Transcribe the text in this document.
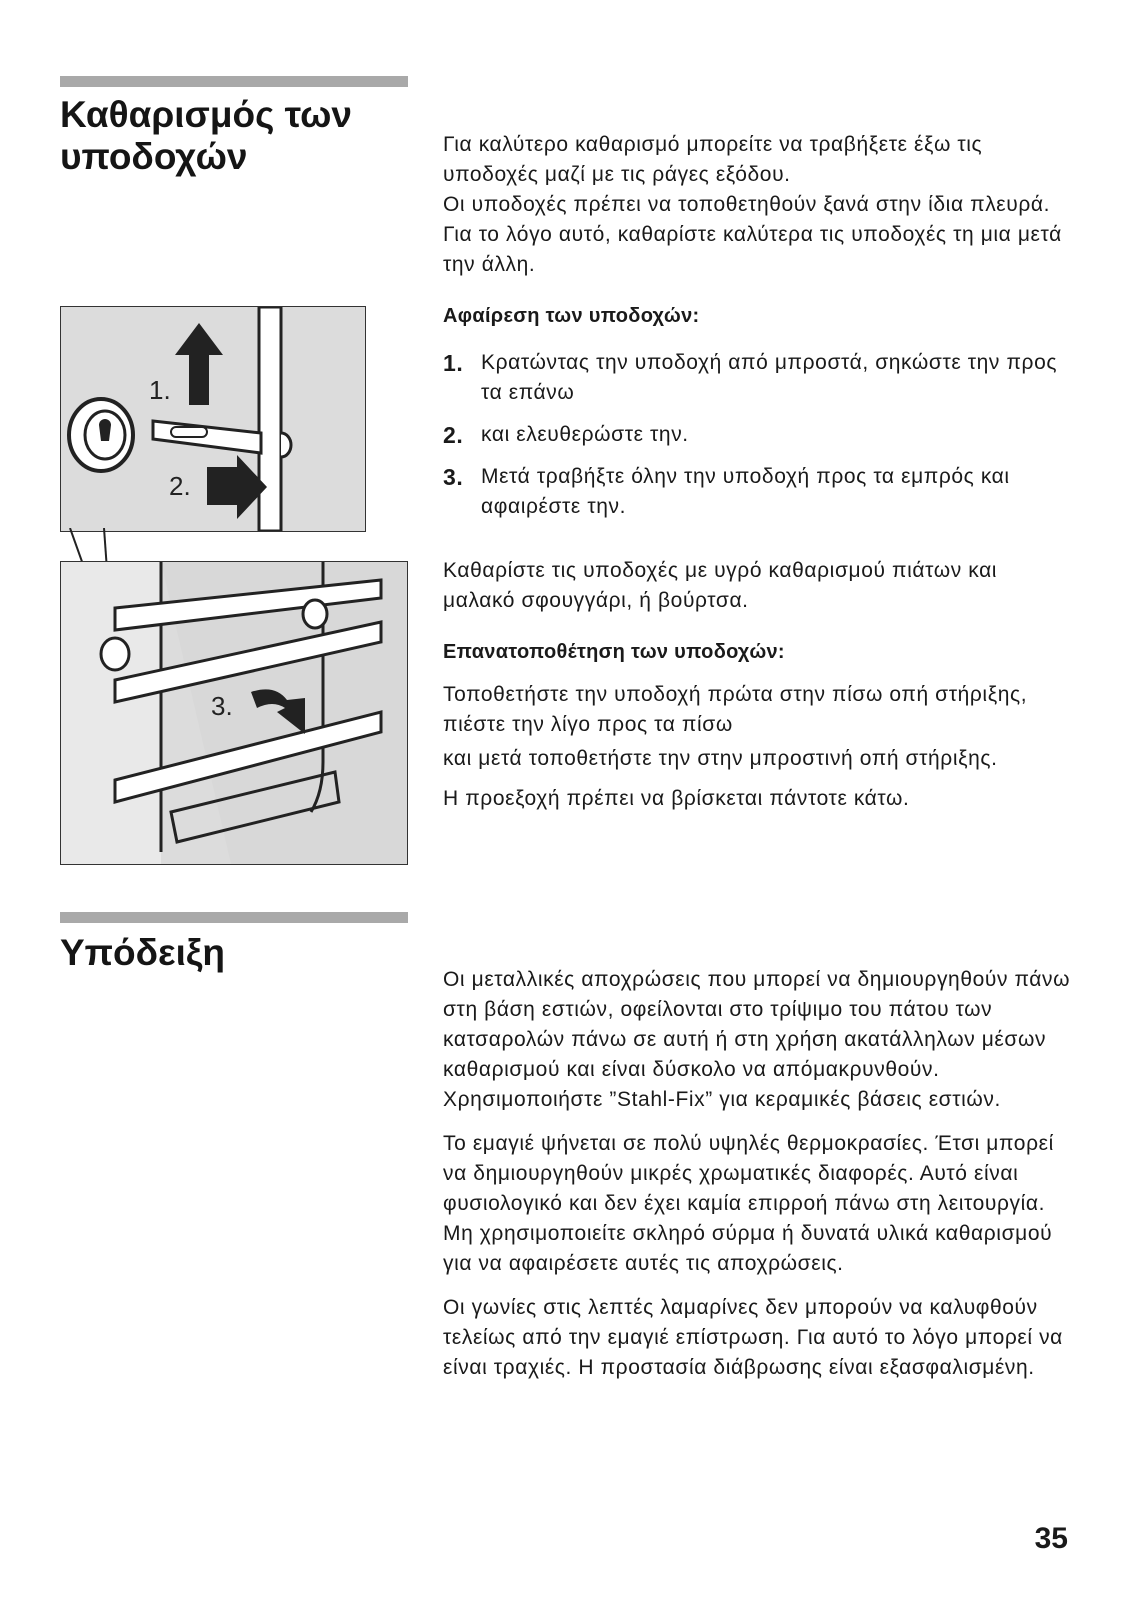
Καθαρισμός των
υποδοχών	Για καλύτερο καθαρισμό μπορείτε να τραβήξετε έξω τις υποδοχές μαζί με τις ράγες εξόδου.

Οι υποδοχές πρέπει να τοποθετηθούν ξανά στην ίδια πλευρά. Για το λόγο αυτό, καθαρίστε καλύτερα τις υποδοχές τη μια μετά την άλλη.

Αφαίρεση των υποδοχών:

1. Κρατώντας την υποδοχή από μπροστά, σηκώστε την προς τα επάνω
2. και ελευθερώστε την.
3. Μετά τραβήξτε όλην την υποδοχή προς τα εμπρός και αφαιρέστε την.

Καθαρίστε τις υποδοχές με υγρό καθαρισμού πιάτων και μαλακό σφουγγάρι, ή βούρτσα.

Επανατοποθέτηση των υποδοχών:

Τοποθετήστε την υποδοχή πρώτα στην πίσω οπή στήριξης, πιέστε την λίγο προς τα πίσω

και μετά τοποθετήστε την στην μπροστινή οπή στήριξης.

Η προεξοχή πρέπει να βρίσκεται πάντοτε κάτω.

1.
2.
3.
Υπόδειξη

Οι μεταλλικές αποχρώσεις που μπορεί να δημιουργηθούν πάνω στη βάση εστιών, οφείλονται στο τρίψιμο του πάτου των κατσαρολών πάνω σε αυτή ή στη χρήση ακατάλληλων μέσων καθαρισμού και είναι δύσκολο να απόμακρυνθούν. Χρησιμοποιήστε ”Stahl-Fix” για κεραμικές βάσεις εστιών.

Το εμαγιέ ψήνεται σε πολύ υψηλές θερμοκρασίες. Έτσι μπορεί να δημιουργηθούν μικρές χρωματικές διαφορές. Αυτό είναι φυσιολογικό και δεν έχει καμία επιρροή πάνω στη λειτουργία. Μη χρησιμοποιείτε σκληρό σύρμα ή δυνατά υλικά καθαρισμού για να αφαιρέσετε αυτές τις αποχρώσεις.

Οι γωνίες στις λεπτές λαμαρίνες δεν μπορούν να καλυφθούν τελείως από την εμαγιέ επίστρωση. Για αυτό το λόγο μπορεί να είναι τραχιές. Η προστασία διάβρωσης είναι εξασφαλισμένη.

35
